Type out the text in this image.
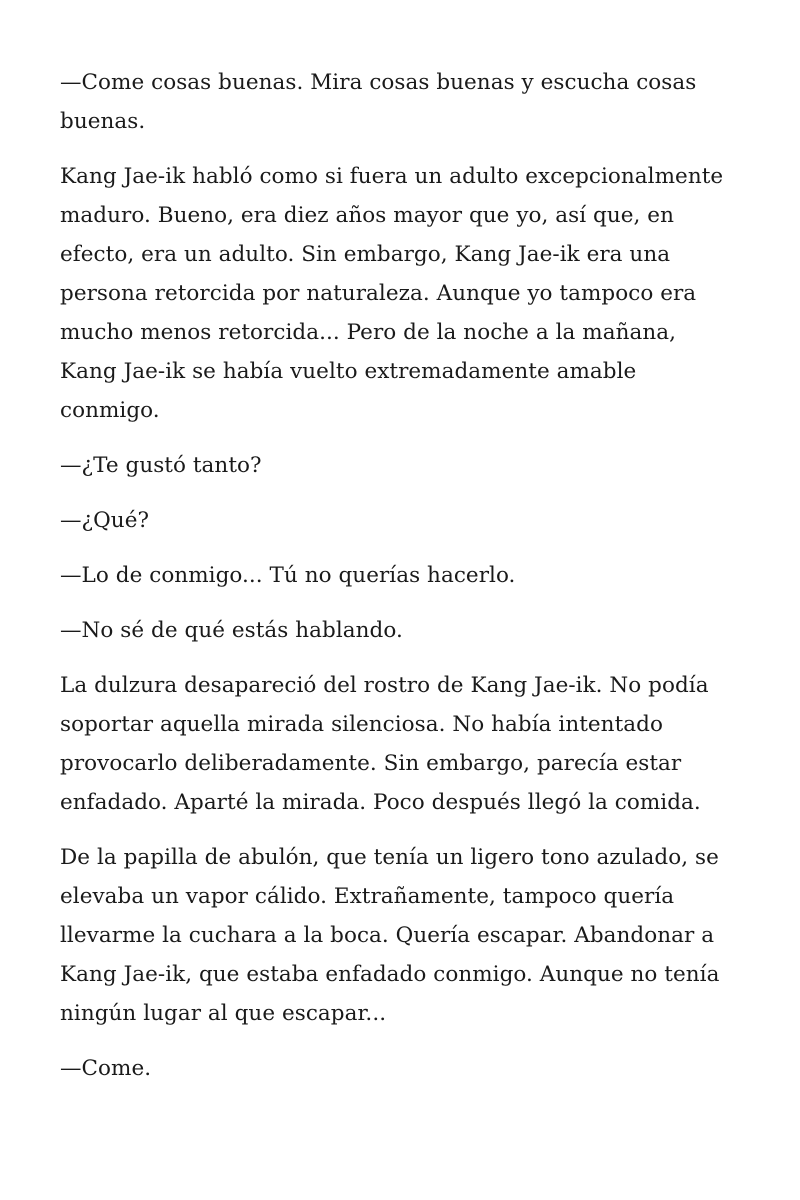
—Come cosas buenas. Mira cosas buenas y escucha cosas
buenas.

Kang Jae-ik habló como si fuera un adulto excepcionalmente
maduro. Bueno, era diez años mayor que yo, así que, en
efecto, era un adulto. Sin embargo, Kang Jae-ik era una
persona retorcida por naturaleza. Aunque yo tampoco era
mucho menos retorcida... Pero de la noche a la mañana,
Kang Jae-ik se había vuelto extremadamente amable
conmigo.

—¿Te gustó tanto?

—¿Qué?

—Lo de conmigo... Tú no querías hacerlo.

—No sé de qué estás hablando.

La dulzura desapareció del rostro de Kang Jae-ik. No podía
soportar aquella mirada silenciosa. No había intentado
provocarlo deliberadamente. Sin embargo, parecía estar
enfadado. Aparté la mirada. Poco después llegó la comida.

De la papilla de abulón, que tenía un ligero tono azulado, se
elevaba un vapor cálido. Extrañamente, tampoco quería
llevarme la cuchara a la boca. Quería escapar. Abandonar a
Kang Jae-ik, que estaba enfadado conmigo. Aunque no tenía
ningún lugar al que escapar...

—Come.
